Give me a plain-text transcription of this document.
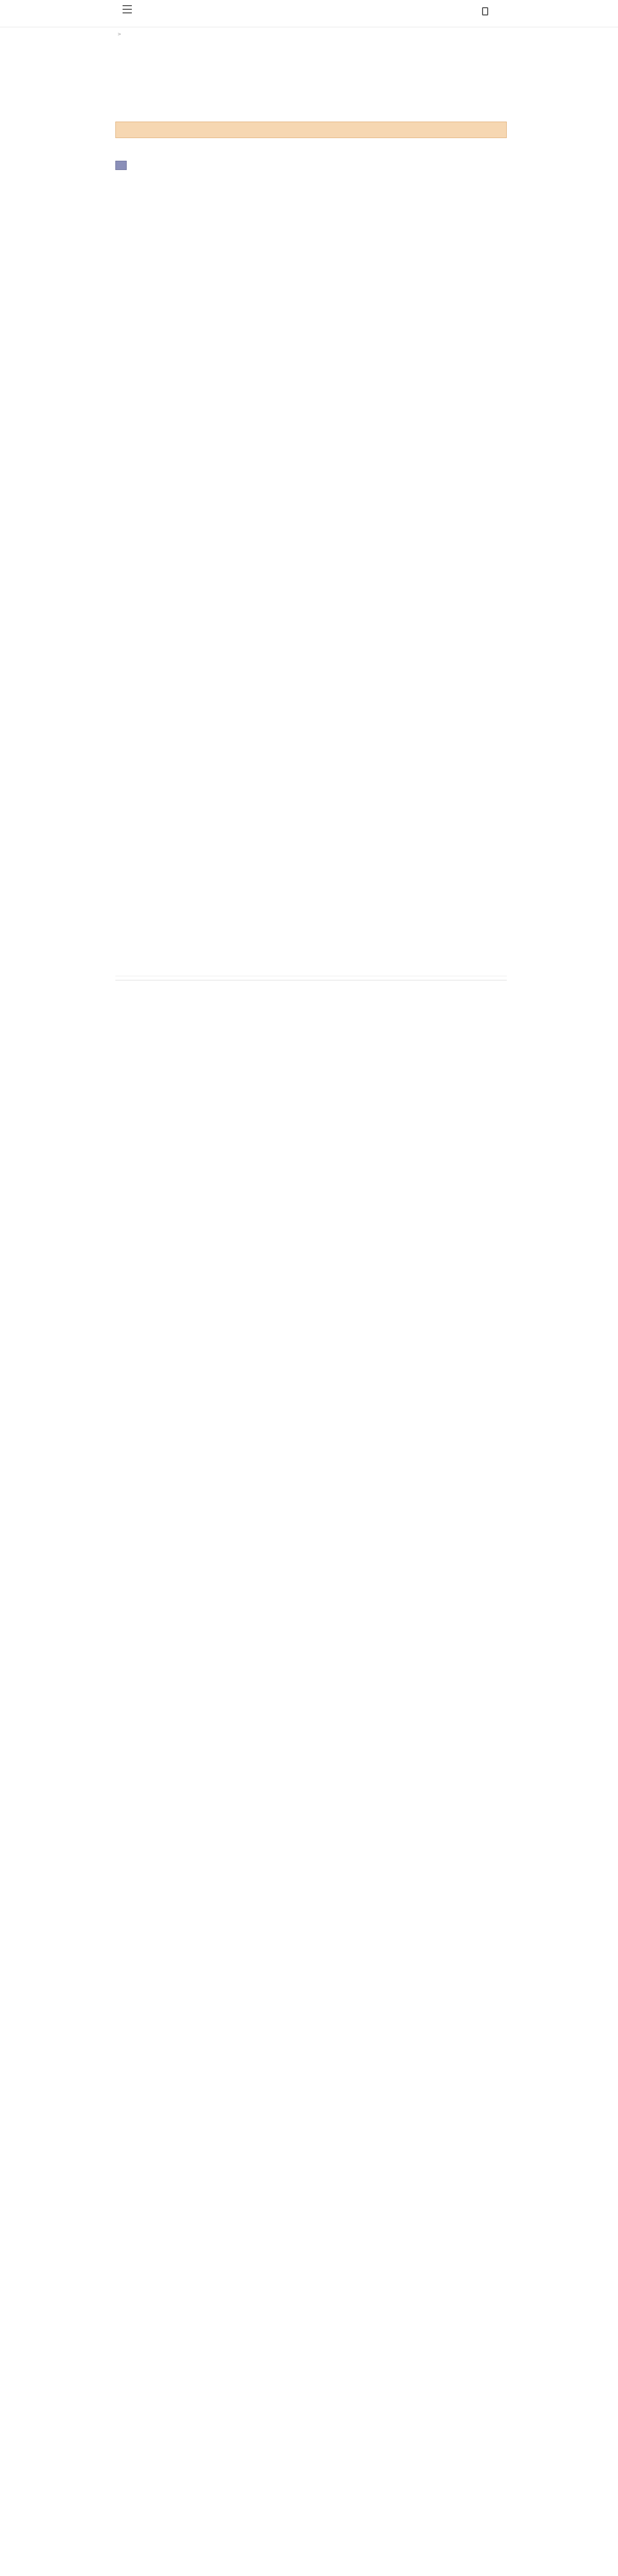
>
